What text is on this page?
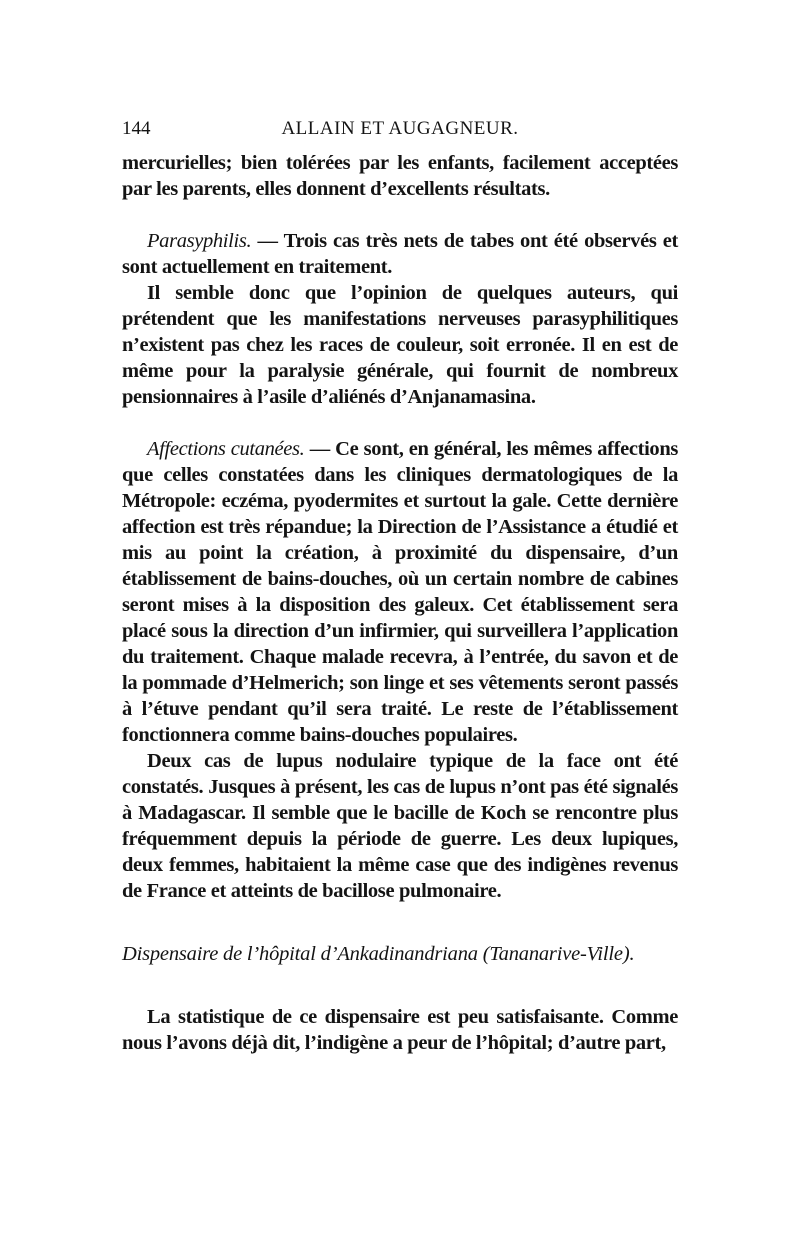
144	ALLAIN ET AUGAGNEUR.

mercurielles; bien tolérées par les enfants, facilement acceptées par les parents, elles donnent d’excellents résultats.

Parasyphilis. — Trois cas très nets de tabes ont été observés et sont actuellement en traitement.

Il semble donc que l’opinion de quelques auteurs, qui prétendent que les manifestations nerveuses parasyphilitiques n’existent pas chez les races de couleur, soit erronée. Il en est de même pour la paralysie générale, qui fournit de nombreux pensionnaires à l’asile d’aliénés d’Anjanamasina.

Affections cutanées. — Ce sont, en général, les mêmes affections que celles constatées dans les cliniques dermatologiques de la Métropole: eczéma, pyodermites et surtout la gale. Cette dernière affection est très répandue; la Direction de l’Assistance a étudié et mis au point la création, à proximité du dispensaire, d’un établissement de bains-douches, où un certain nombre de cabines seront mises à la disposition des galeux. Cet établissement sera placé sous la direction d’un infirmier, qui surveillera l’application du traitement. Chaque malade recevra, à l’entrée, du savon et de la pommade d’Helmerich; son linge et ses vêtements seront passés à l’étuve pendant qu’il sera traité. Le reste de l’établissement fonctionnera comme bains-douches populaires.

Deux cas de lupus nodulaire typique de la face ont été constatés. Jusques à présent, les cas de lupus n’ont pas été signalés à Madagascar. Il semble que le bacille de Koch se rencontre plus fréquemment depuis la période de guerre. Les deux lupiques, deux femmes, habitaient la même case que des indigènes revenus de France et atteints de bacillose pulmonaire.

Dispensaire de l’hôpital d’Ankadinandriana (Tananarive-Ville).

La statistique de ce dispensaire est peu satisfaisante. Comme nous l’avons déjà dit, l’indigène a peur de l’hôpital; d’autre part,
